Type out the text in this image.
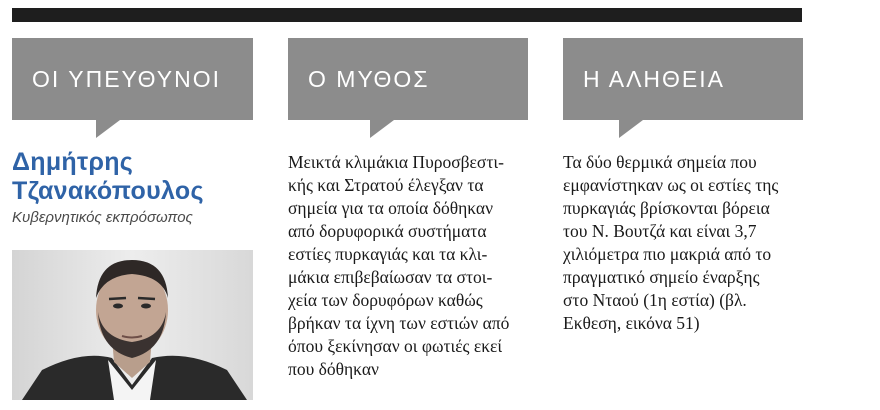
ΟΙ ΥΠΕΥΘΥΝΟΙ
Δημήτρης
Τζανακόπουλος
Κυβερνητικός εκπρόσωπος
Ο ΜΥΘΟΣ
Μεικτά κλιμάκια Πυροσβεστι-
κής και Στρατού έλεγξαν τα
σημεία για τα οποία δόθηκαν
από δορυφορικά συστήματα
εστίες πυρκαγιάς και τα κλι-
μάκια επιβεβαίωσαν τα στοι-
χεία των δορυφόρων καθώς
βρήκαν τα ίχνη των εστιών από
όπου ξεκίνησαν οι φωτιές εκεί
που δόθηκαν
Η ΑΛΗΘΕΙΑ
Τα δύο θερμικά σημεία που
εμφανίστηκαν ως οι εστίες της
πυρκαγιάς βρίσκονται βόρεια
του Ν. Βουτζά και είναι 3,7
χιλιόμετρα πιο μακριά από το
πραγματικό σημείο έναρξης
στο Νταού (1η εστία) (βλ.
Εκθεση, εικόνα 51)
